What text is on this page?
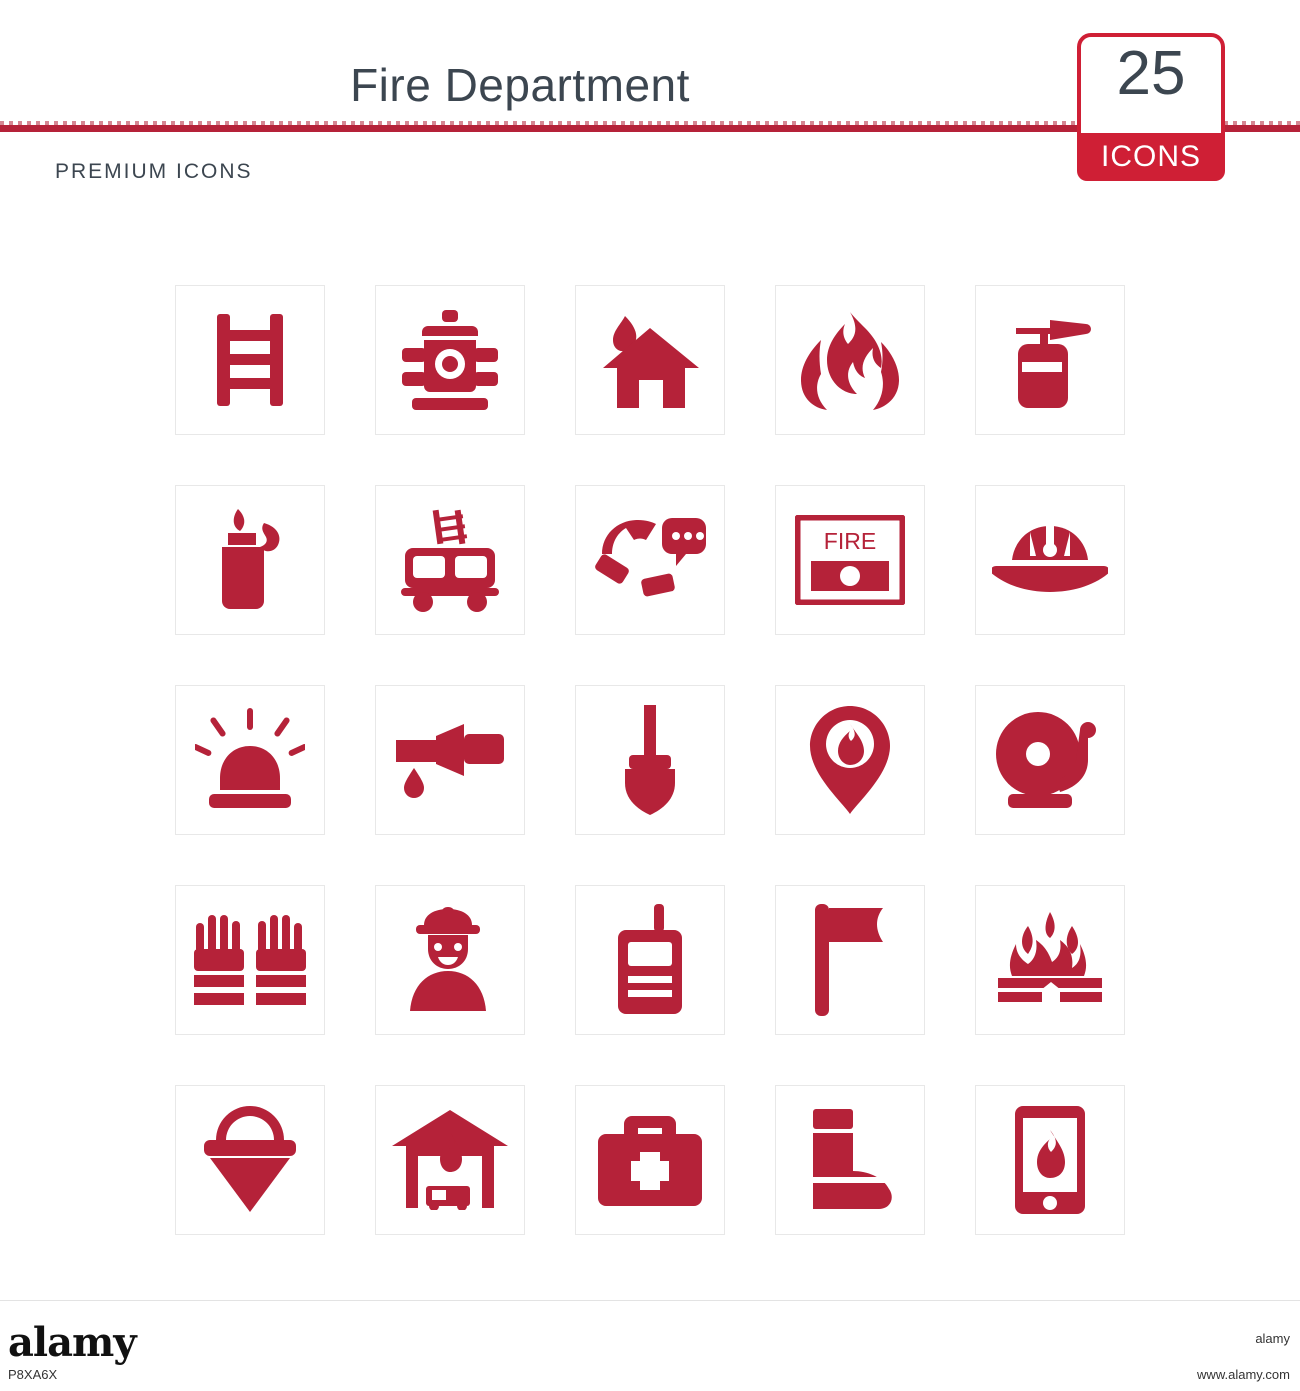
Fire Department
PREMIUM ICONS
25
ICONS
FIRE
alamy
P8XA6X
alamy
www.alamy.com
